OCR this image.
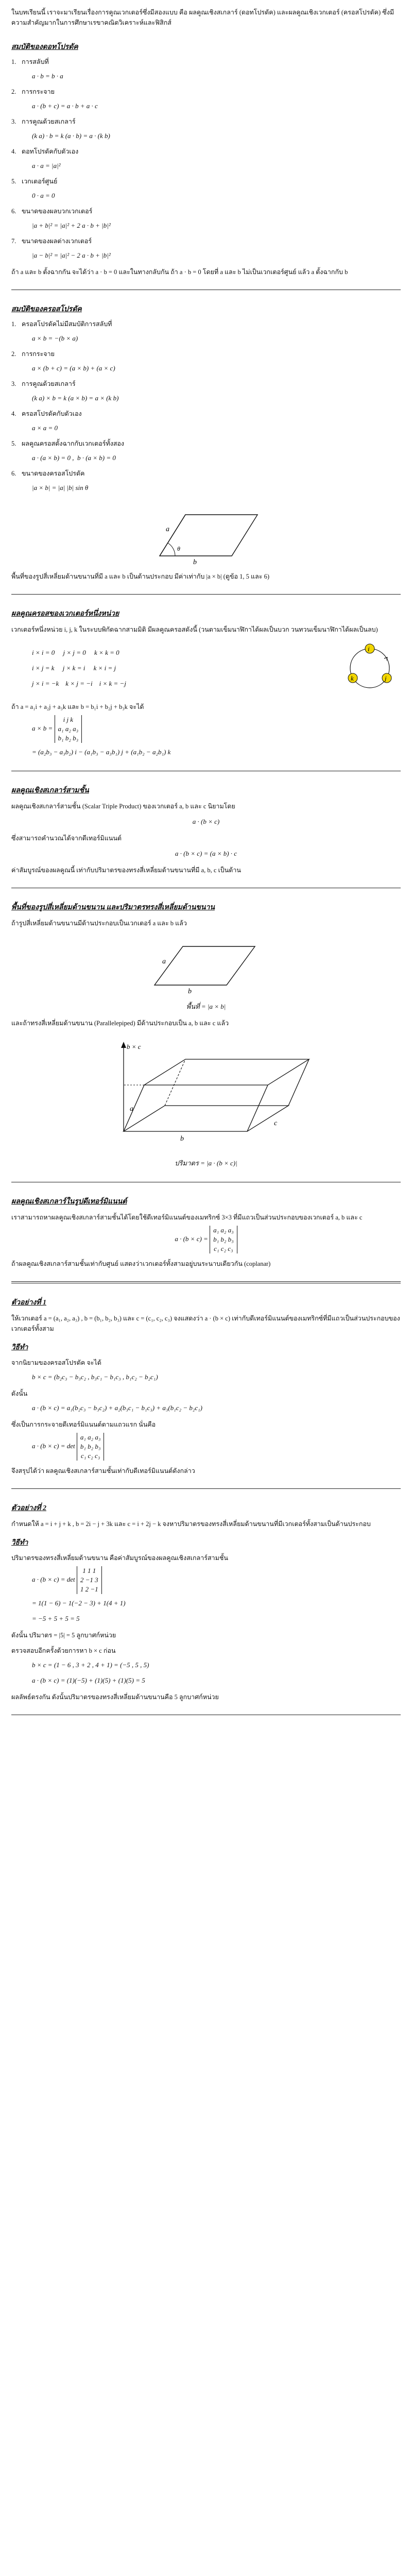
ในบทเรียนนี้ เราจะมาเรียนเรื่องการคูณเวกเตอร์ซึ่งมีสองแบบ คือ ผลคูณเชิงสเกลาร์ (ดอทโปรดัค) และผลคูณเชิงเวกเตอร์ (ครอสโปรดัค) ซึ่งมีความสำคัญมากในการศึกษาเรขาคณิตวิเคราะห์และฟิสิกส์

สมบัติของดอทโปรดัค
1. การสลับที่
a · b = b · a
2. การกระจาย
a · (b + c) = a · b + a · c
3. การคูณด้วยสเกลาร์
(k a) · b = k (a · b) = a · (k b)
4. ดอทโปรดัคกับตัวเอง
a · a = |a|²
5. เวกเตอร์ศูนย์
0 · a = 0
6. ขนาดของผลบวกเวกเตอร์
|a + b|² = |a|² + 2 a · b + |b|²
7. ขนาดของผลต่างเวกเตอร์
|a − b|² = |a|² − 2 a · b + |b|²

ถ้า a และ b ตั้งฉากกัน จะได้ว่า a · b = 0 และในทางกลับกัน ถ้า a · b = 0 โดยที่ a และ b ไม่เป็นเวกเตอร์ศูนย์ แล้ว a ตั้งฉากกับ b

สมบัติของครอสโปรดัค
1. ครอสโปรดัคไม่มีสมบัติการสลับที่
a × b = −(b × a)
2. การกระจาย
a × (b + c) = (a × b) + (a × c)
3. การคูณด้วยสเกลาร์
(k a) × b = k (a × b) = a × (k b)
4. ครอสโปรดัคกับตัวเอง
a × a = 0
5. ผลคูณครอสตั้งฉากกับเวกเตอร์ทั้งสอง
a · (a × b) = 0 ,  b · (a × b) = 0
6. ขนาดของครอสโปรดัค
|a × b| = |a| |b| sin θ
a
b
θ

พื้นที่ของรูปสี่เหลี่ยมด้านขนานที่มี a และ b เป็นด้านประกอบ มีค่าเท่ากับ |a × b| (ดูข้อ 1, 5 และ 6)

ผลคูณครอสของเวกเตอร์หนึ่งหน่วย

เวกเตอร์หนึ่งหน่วย i, j, k ในระบบพิกัดฉากสามมิติ มีผลคูณครอสดังนี้ (วนตามเข็มนาฬิกาได้ผลเป็นบวก วนทวนเข็มนาฬิกาได้ผลเป็นลบ)

i × i = 0     j × j = 0     k × k = 0
i × j = k     j × k = i     k × i = j
j × i = −k    k × j = −i    i × k = −j
i
j
k

ถ้า a = a₁i + a₂j + a₃k และ b = b₁i + b₂j + b₃k จะได้

a × b =
i j k
a₁ a₂ a₃
b₁ b₂ b₃
= (a₂b₃ − a₃b₂) i − (a₁b₃ − a₃b₁) j + (a₁b₂ − a₂b₁) k
ผลคูณเชิงสเกลาร์สามชั้น

ผลคูณเชิงสเกลาร์สามชั้น (Scalar Triple Product) ของเวกเตอร์ a, b และ c นิยามโดย

a · (b × c)

ซึ่งสามารถคำนวณได้จากดีเทอร์มิแนนต์

a · (b × c) = (a × b) · c

ค่าสัมบูรณ์ของผลคูณนี้ เท่ากับปริมาตรของทรงสี่เหลี่ยมด้านขนานที่มี a, b, c เป็นด้าน

พื้นที่ของรูปสี่เหลี่ยมด้านขนาน และปริมาตรทรงสี่เหลี่ยมด้านขนาน

ถ้ารูปสี่เหลี่ยมด้านขนานมีด้านประกอบเป็นเวกเตอร์ a และ b แล้ว

a
b
พื้นที่ = |a × b|

และถ้าทรงสี่เหลี่ยมด้านขนาน (Parallelepiped) มีด้านประกอบเป็น a, b และ c แล้ว

b × c
a
b
c
ปริมาตร = |a · (b × c)|
ผลคูณเชิงสเกลาร์ในรูปดีเทอร์มิแนนต์

เราสามารถหาผลคูณเชิงสเกลาร์สามชั้นได้โดยใช้ดีเทอร์มิแนนต์ของเมทริกซ์ 3×3 ที่มีแถวเป็นส่วนประกอบของเวกเตอร์ a, b และ c

a · (b × c) =
a₁ a₂ a₃
b₁ b₂ b₃
c₁ c₂ c₃

ถ้าผลคูณเชิงสเกลาร์สามชั้นเท่ากับศูนย์ แสดงว่าเวกเตอร์ทั้งสามอยู่บนระนาบเดียวกัน (coplanar)

ตัวอย่างที่ 1

ให้เวกเตอร์ a = (a₁, a₂, a₃) , b = (b₁, b₂, b₃) และ c = (c₁, c₂, c₃) จงแสดงว่า a · (b × c) เท่ากับดีเทอร์มิแนนต์ของเมทริกซ์ที่มีแถวเป็นส่วนประกอบของเวกเตอร์ทั้งสาม

วิธีทำ

จากนิยามของครอสโปรดัค จะได้

b × c = (b₂c₃ − b₃c₂ , b₃c₁ − b₁c₃ , b₁c₂ − b₂c₁)

ดังนั้น

a · (b × c) = a₁(b₂c₃ − b₃c₂) + a₂(b₃c₁ − b₁c₃) + a₃(b₁c₂ − b₂c₁)

ซึ่งเป็นการกระจายดีเทอร์มิแนนต์ตามแถวแรก นั่นคือ

a · (b × c) = det
a₁ a₂ a₃
b₁ b₂ b₃
c₁ c₂ c₃

จึงสรุปได้ว่า ผลคูณเชิงสเกลาร์สามชั้นเท่ากับดีเทอร์มิแนนต์ดังกล่าว

ตัวอย่างที่ 2

กำหนดให้ a = i + j + k , b = 2i − j + 3k และ c = i + 2j − k จงหาปริมาตรของทรงสี่เหลี่ยมด้านขนานที่มีเวกเตอร์ทั้งสามเป็นด้านประกอบ

วิธีทำ

ปริมาตรของทรงสี่เหลี่ยมด้านขนาน คือค่าสัมบูรณ์ของผลคูณเชิงสเกลาร์สามชั้น

a · (b × c) = det
1 1 1
2 −1 3
1 2 −1
= 1(1 − 6) − 1(−2 − 3) + 1(4 + 1)
= −5 + 5 + 5 = 5

ดังนั้น ปริมาตร = |5| = 5 ลูกบาศก์หน่วย

ตรวจสอบอีกครั้งด้วยการหา b × c ก่อน

b × c = (1 − 6 , 3 + 2 , 4 + 1) = (−5 , 5 , 5)
a · (b × c) = (1)(−5) + (1)(5) + (1)(5) = 5

ผลลัพธ์ตรงกัน ดังนั้นปริมาตรของทรงสี่เหลี่ยมด้านขนานคือ 5 ลูกบาศก์หน่วย
